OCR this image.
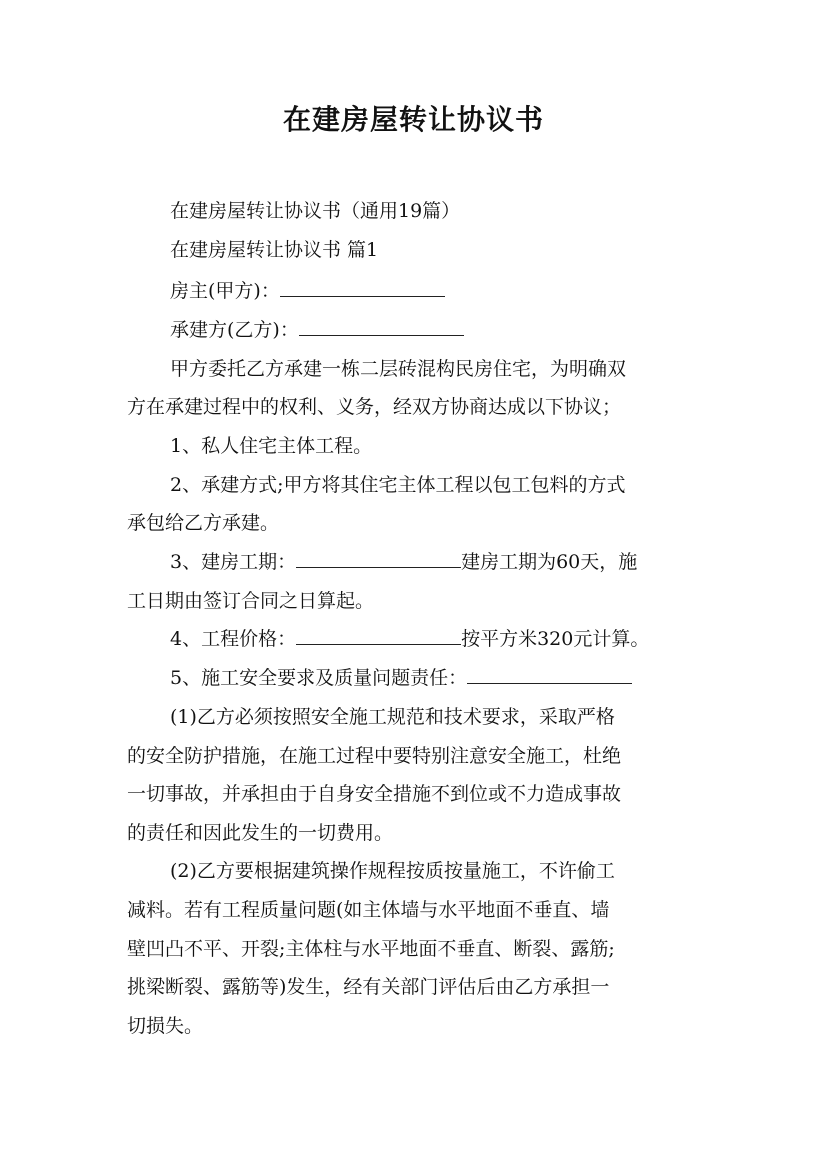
在建房屋转让协议书
在建房屋转让协议书（通用19篇）
在建房屋转让协议书 篇1
房主(甲方)：
承建方(乙方)：
甲方委托乙方承建一栋二层砖混构民房住宅，为明确双
方在承建过程中的权利、义务，经双方协商达成以下协议；
1、私人住宅主体工程。
2、承建方式;甲方将其住宅主体工程以包工包料的方式
承包给乙方承建。
3、建房工期：	建房工期为60天，施
工日期由签订合同之日算起。
4、工程价格：	按平方米320元计算。
5、施工安全要求及质量问题责任：
(1)乙方必须按照安全施工规范和技术要求，采取严格
的安全防护措施，在施工过程中要特别注意安全施工，杜绝
一切事故，并承担由于自身安全措施不到位或不力造成事故
的责任和因此发生的一切费用。
(2)乙方要根据建筑操作规程按质按量施工，不许偷工
减料。若有工程质量问题(如主体墙与水平地面不垂直、墙
壁凹凸不平、开裂;主体柱与水平地面不垂直、断裂、露筋;
挑梁断裂、露筋等)发生，经有关部门评估后由乙方承担一
切损失。
